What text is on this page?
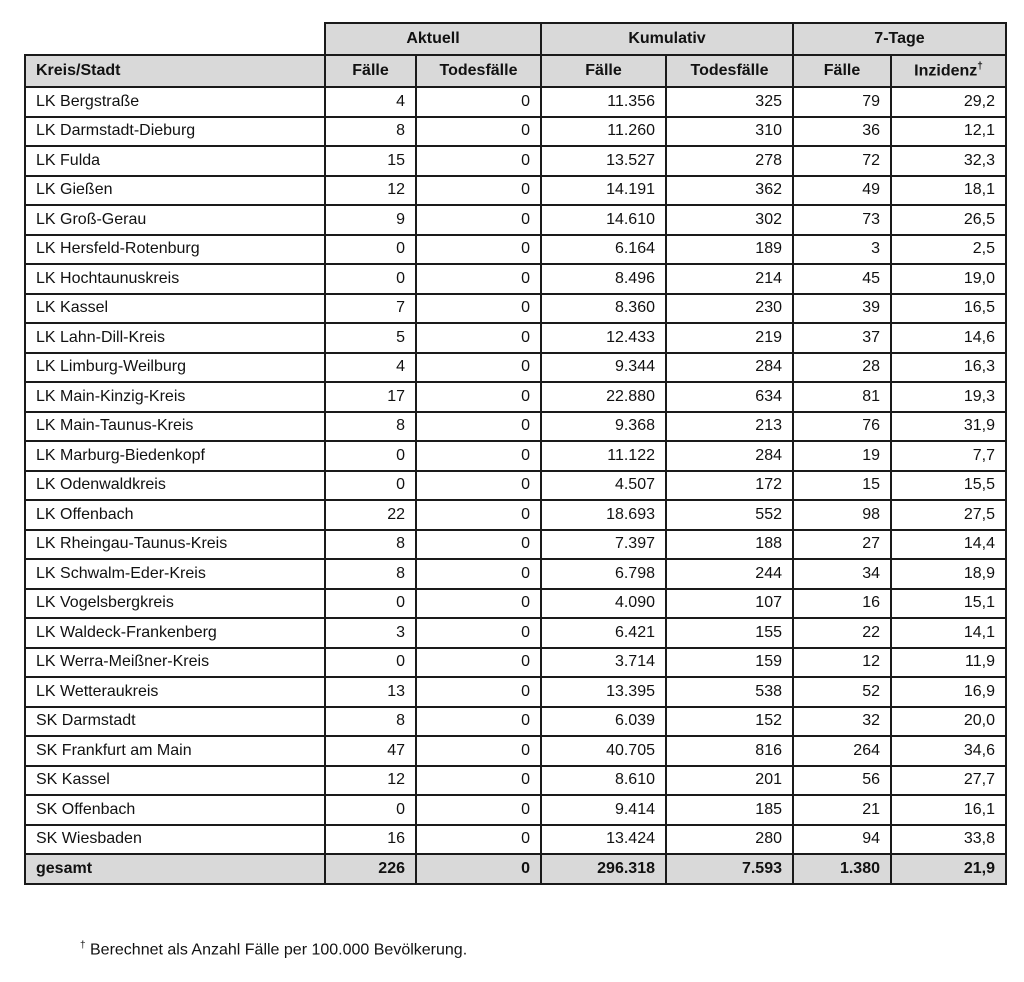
	Aktuell		Kumulativ		7-Tage	
Kreis/Stadt	Fälle	Todesfälle	Fälle	Todesfälle	Fälle	Inzidenz†
LK Bergstraße	4	0	11.356	325	79	29,2
LK Darmstadt-Dieburg	8	0	11.260	310	36	12,1
LK Fulda	15	0	13.527	278	72	32,3
LK Gießen	12	0	14.191	362	49	18,1
LK Groß-Gerau	9	0	14.610	302	73	26,5
LK Hersfeld-Rotenburg	0	0	6.164	189	3	2,5
LK Hochtaunuskreis	0	0	8.496	214	45	19,0
LK Kassel	7	0	8.360	230	39	16,5
LK Lahn-Dill-Kreis	5	0	12.433	219	37	14,6
LK Limburg-Weilburg	4	0	9.344	284	28	16,3
LK Main-Kinzig-Kreis	17	0	22.880	634	81	19,3
LK Main-Taunus-Kreis	8	0	9.368	213	76	31,9
LK Marburg-Biedenkopf	0	0	11.122	284	19	7,7
LK Odenwaldkreis	0	0	4.507	172	15	15,5
LK Offenbach	22	0	18.693	552	98	27,5
LK Rheingau-Taunus-Kreis	8	0	7.397	188	27	14,4
LK Schwalm-Eder-Kreis	8	0	6.798	244	34	18,9
LK Vogelsbergkreis	0	0	4.090	107	16	15,1
LK Waldeck-Frankenberg	3	0	6.421	155	22	14,1
LK Werra-Meißner-Kreis	0	0	3.714	159	12	11,9
LK Wetteraukreis	13	0	13.395	538	52	16,9
SK Darmstadt	8	0	6.039	152	32	20,0
SK Frankfurt am Main	47	0	40.705	816	264	34,6
SK Kassel	12	0	8.610	201	56	27,7
SK Offenbach	0	0	9.414	185	21	16,1
SK Wiesbaden	16	0	13.424	280	94	33,8
gesamt	226	0	296.318	7.593	1.380	21,9
† Berechnet als Anzahl Fälle per 100.000 Bevölkerung.
